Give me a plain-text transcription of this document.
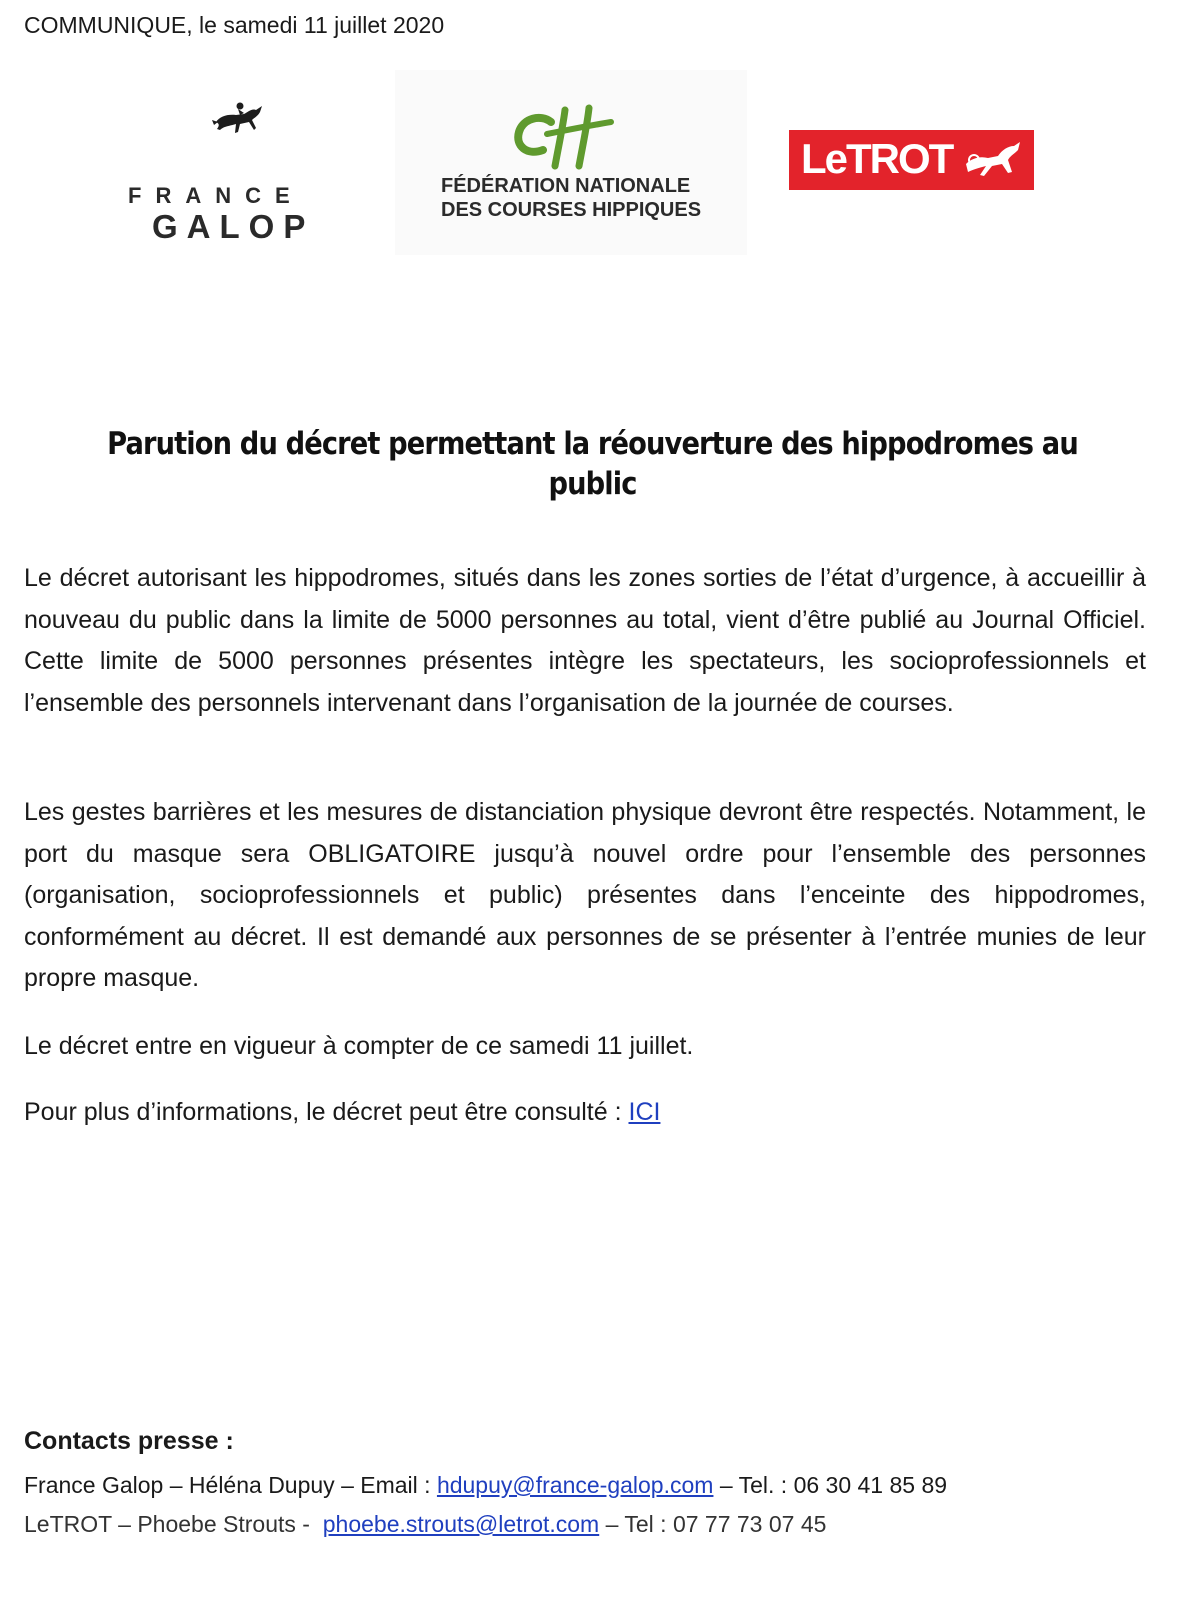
COMMUNIQUE, le samedi 11 juillet 2020
FRANCE
GALOP
FÉDÉRATION NATIONALE
DES COURSES HIPPIQUES
LeTROT
Parution du décret permettant la réouverture des hippodromes au public

Le décret autorisant les hippodromes, situés dans les zones sorties de l’état d’urgence, à accueillir à nouveau du public dans la limite de 5000 personnes au total, vient d’être publié au Journal Officiel. Cette limite de 5000 personnes présentes intègre les spectateurs, les socioprofessionnels et l’ensemble des personnels intervenant dans l’organisation de la journée de courses.

Les gestes barrières et les mesures de distanciation physique devront être respectés. Notamment, le port du masque sera OBLIGATOIRE jusqu’à nouvel ordre pour l’ensemble des personnes (organisation, socioprofessionnels et public) présentes dans l’enceinte des hippodromes, conformément au décret. Il est demandé aux personnes de se présenter à l’entrée munies de leur propre masque.

Le décret entre en vigueur à compter de ce samedi 11 juillet.

Pour plus d’informations, le décret peut être consulté : ICI

Contacts presse :
France Galop – Héléna Dupuy – Email : hdupuy@france-galop.com – Tel. : 06 30 41 85 89
LeTROT – Phoebe Strouts -  phoebe.strouts@letrot.com – Tel : 07 77 73 07 45
